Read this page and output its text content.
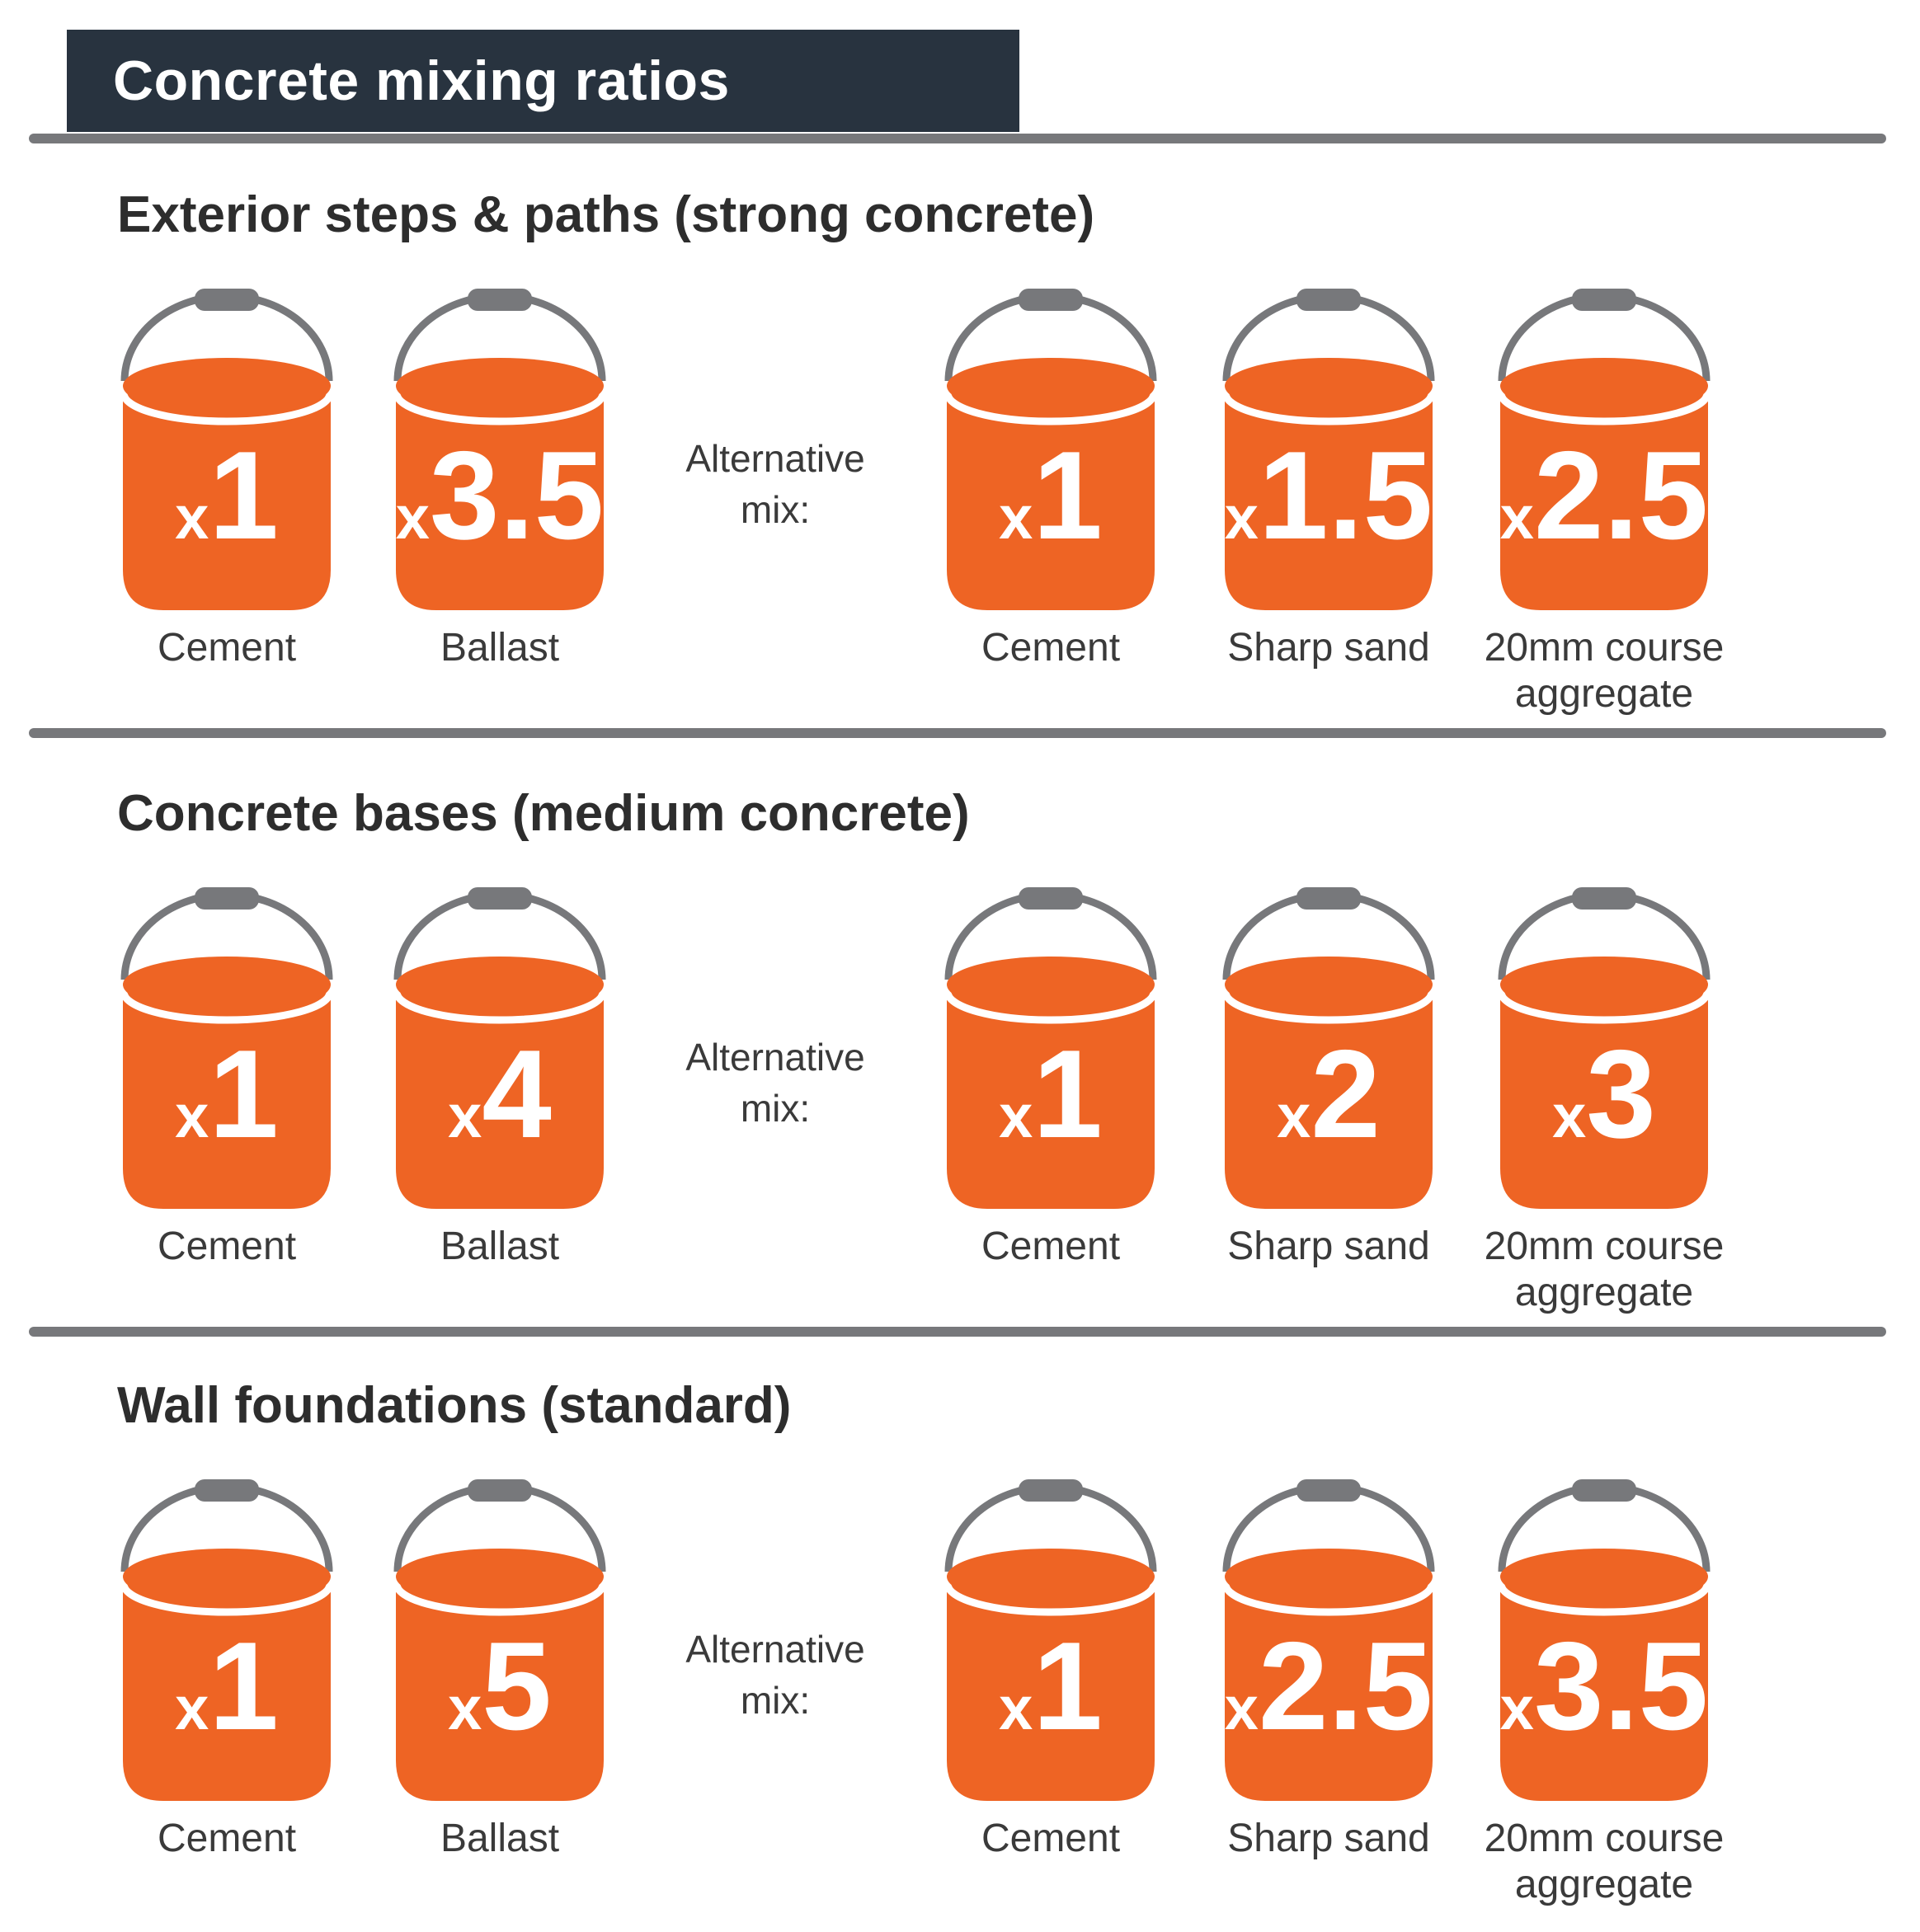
Concrete mixing ratios
Exterior steps & paths (strong concrete)
Alternative
mix:
x1
Cement
x3.5
Ballast
x1
Cement
x1.5
Sharp sand
x2.5
20mm course aggregate
Concrete bases (medium concrete)
Alternative
mix:
x1
Cement
x4
Ballast
x1
Cement
x2
Sharp sand
x3
20mm course aggregate
Wall foundations (standard)
Alternative
mix:
x1
Cement
x5
Ballast
x1
Cement
x2.5
Sharp sand
x3.5
20mm course aggregate
